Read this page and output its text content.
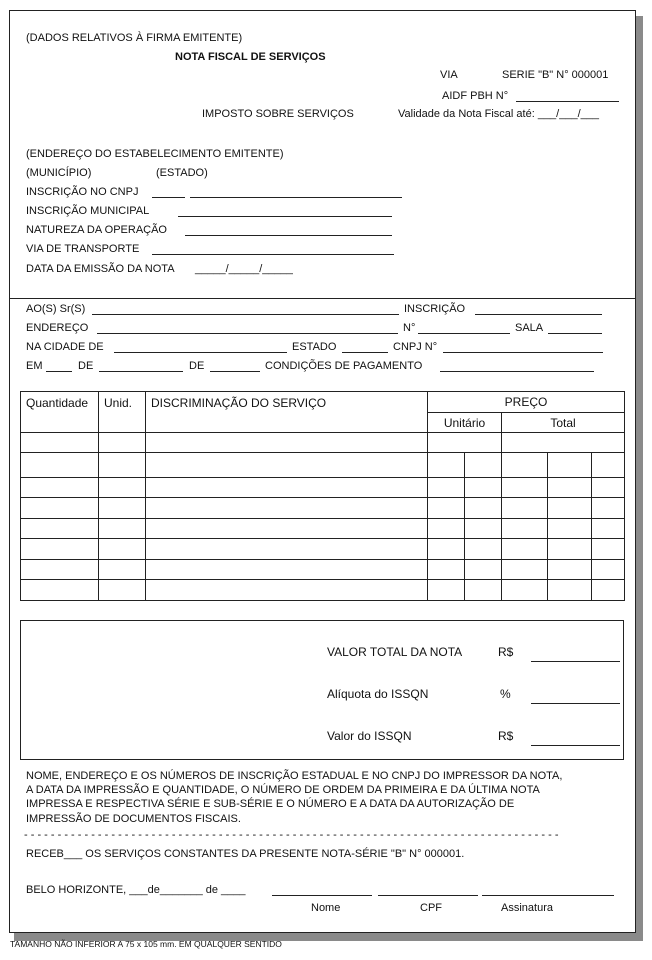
(DADOS RELATIVOS À FIRMA EMITENTE)
NOTA FISCAL DE SERVIÇOS
VIA	SERIE "B" N° 000001
AIDF PBH N°
IMPOSTO SOBRE SERVIÇOS	Validade da Nota Fiscal até: ___/___/___
(ENDEREÇO DO ESTABELECIMENTO EMITENTE)
(MUNICÍPIO)	(ESTADO)
INSCRIÇÃO NO CNPJ
INSCRIÇÃO MUNICIPAL
NATUREZA DA OPERAÇÃO
VIA DE TRANSPORTE
DATA DA EMISSÃO DA NOTA _____/_____/_____
AO(S) Sr(S)	INSCRIÇÃO
ENDEREÇO	N°	SALA
NA CIDADE DE	ESTADO	CNPJ N°
EM	DE	DE	CONDIÇÕES DE PAGAMENTO
Quantidade	Unid.	DISCRIMINAÇÃO DO SERVIÇO	PREÇO				
			Unitário		Total		

VALOR TOTAL DA NOTA	R$
Alíquota do ISSQN	%
Valor do ISSQN	R$
NOME, ENDEREÇO E OS NÚMEROS DE INSCRIÇÃO ESTADUAL E NO CNPJ DO IMPRESSOR DA NOTA,
A DATA DA IMPRESSÃO E QUANTIDADE, O NÚMERO DE ORDEM DA PRIMEIRA E DA ÚLTIMA NOTA
IMPRESSA E RESPECTIVA SÉRIE E SUB-SÉRIE E O NÚMERO E A DATA DA AUTORIZAÇÃO DE
IMPRESSÃO DE DOCUMENTOS FISCAIS.
- - - - - - - - - - - - - - - - - - - - - - - - - - - - - - - - - - - - - - - - - - - - - - - - - - - - - - - - - - - - - - - - - - - - - - - - - - - - - - - -
RECEB___ OS SERVIÇOS CONSTANTES DA PRESENTE NOTA-SÉRIE "B" N° 000001.
BELO HORIZONTE, ___de_______ de ____
Nome	CPF	Assinatura
TAMANHO NÃO INFERIOR A 75 x 105 mm. EM QUALQUER SENTIDO
